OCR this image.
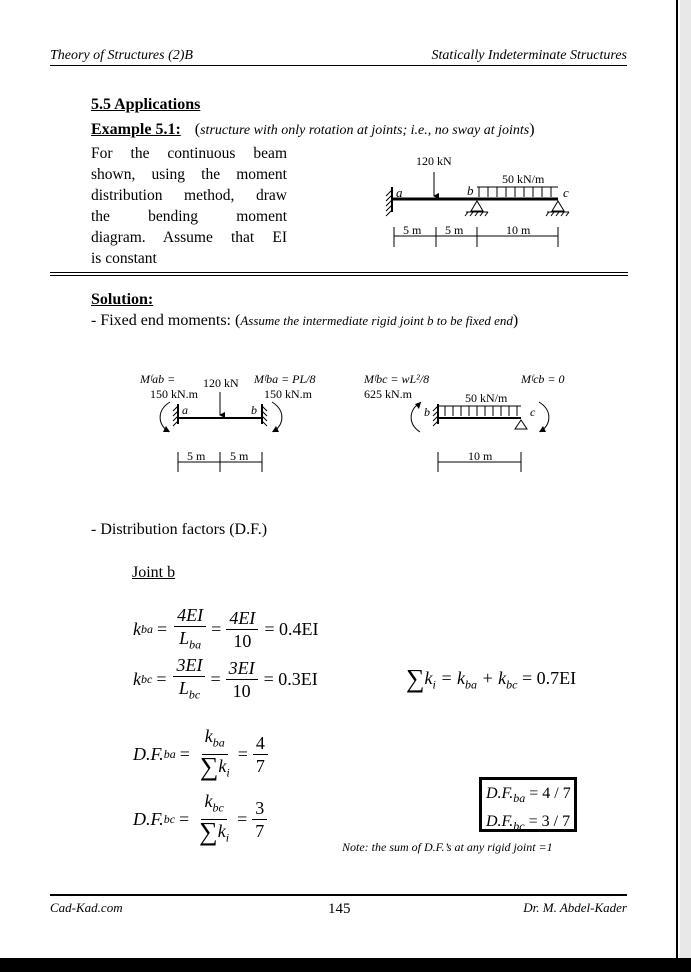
Theory of Structures (2)B	Statically Indeterminate Structures
5.5 Applications
Example 5.1: (structure with only rotation at joints; i.e., no sway at joints)
For the continuous beam
shown, using the moment
distribution method, draw
the bending moment
diagram. Assume that EI
is constant
120 kN
50 kN/m
a	b	c
5 m 5 m	10 m
Solution:
- Fixed end moments: (Assume the intermediate rigid joint b to be fixed end)
Mᶠab =
150 kN.m
120 kN Mᶠba = PL/8
150 kN.m
a	b
5 m 5 m
Mᶠbc = wL²/8
625 kN.m
Mᶠcb = 0
50 kN/m
b	c
10 m
- Distribution factors (D.F.)
Joint b
k ba = $\frac{4EI}{L_{ba}} = \frac{4EI}{10} = 0.4EI$
k bc = $\frac{3EI}{L_{bc}} = \frac{3EI}{10} = 0.3EI$	$\sum k_i = k_{ba} + k_{bc} = 0.7EI$
D.F. ba = $\frac{k_{ba}}{\sum k_i} = \frac{4}{7}$
D.F. bc = $\frac{k_{bc}}{\sum k_i} = \frac{3}{7}$
$D.F._{ba} = 4 / 7$
$D.F._{bc} = 3 / 7$
Note: the sum of D.F.’s at any rigid joint =1
Cad-Kad.com	145	Dr. M. Abdel-Kader
